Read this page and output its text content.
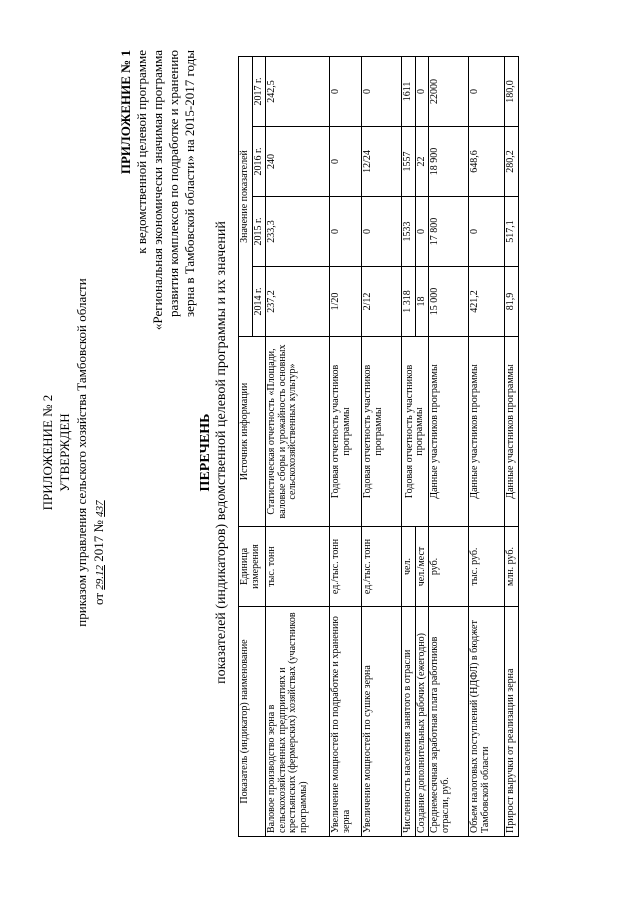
ПРИЛОЖЕНИЕ № 2 УТВЕРЖДЕН приказом управления сельского хозяйства Тамбовской области от 29.12 2017 № 437
ПРИЛОЖЕНИЕ № 1 к ведомственной целевой программе «Региональная экономически значимая программа развития комплексов по подработке и хранению зерна в Тамбовской области» на 2015-2017 годы
ПЕРЕЧЕНЬ показателей (индикаторов) ведомственной целевой программы и их значений
Показатель (индикатор) наименование	Единица измерения	Источник информации	Значение показателей			
			2014 г.	2015 г.	2016 г.	2017 г.
Валовое производство зерна в сельскохозяйственных предприятиях и крестьянских (фермерских) хозяйствах (участников программы)	тыс. тонн	Статистическая отчетность «Площади, валовые сборы и урожайность основных сельскохозяйственных культур»	237,2	233,3	240	242,5
Увеличение мощностей по подработке и хранению зерна	ед./тыс. тонн	Годовая отчетность участников программы	1/20	0	0	0
Увеличение мощностей по сушке зерна	ед./тыс. тонн	Годовая отчетность участников программы	2/12	0	12/24	0
Численность населения занятого в отрасли	чел.	Годовая отчетность участников программы	1 318	1533	1557	1611
Создание дополнительных рабочих (ежегодно)	чел./мест		18	0	22	0
Среднемесячная заработная плата работников отрасли, руб.	руб.	Данные участников программы	15 000	17 800	18 900	22000
Объем налоговых поступлений (НДФЛ) в бюджет Тамбовской области	тыс. руб.	Данные участников программы	421,2	0	648,6	0
Прирост выручки от реализации зерна	млн. руб.	Данные участников программы	81,9	517,1	280,2	180,0
